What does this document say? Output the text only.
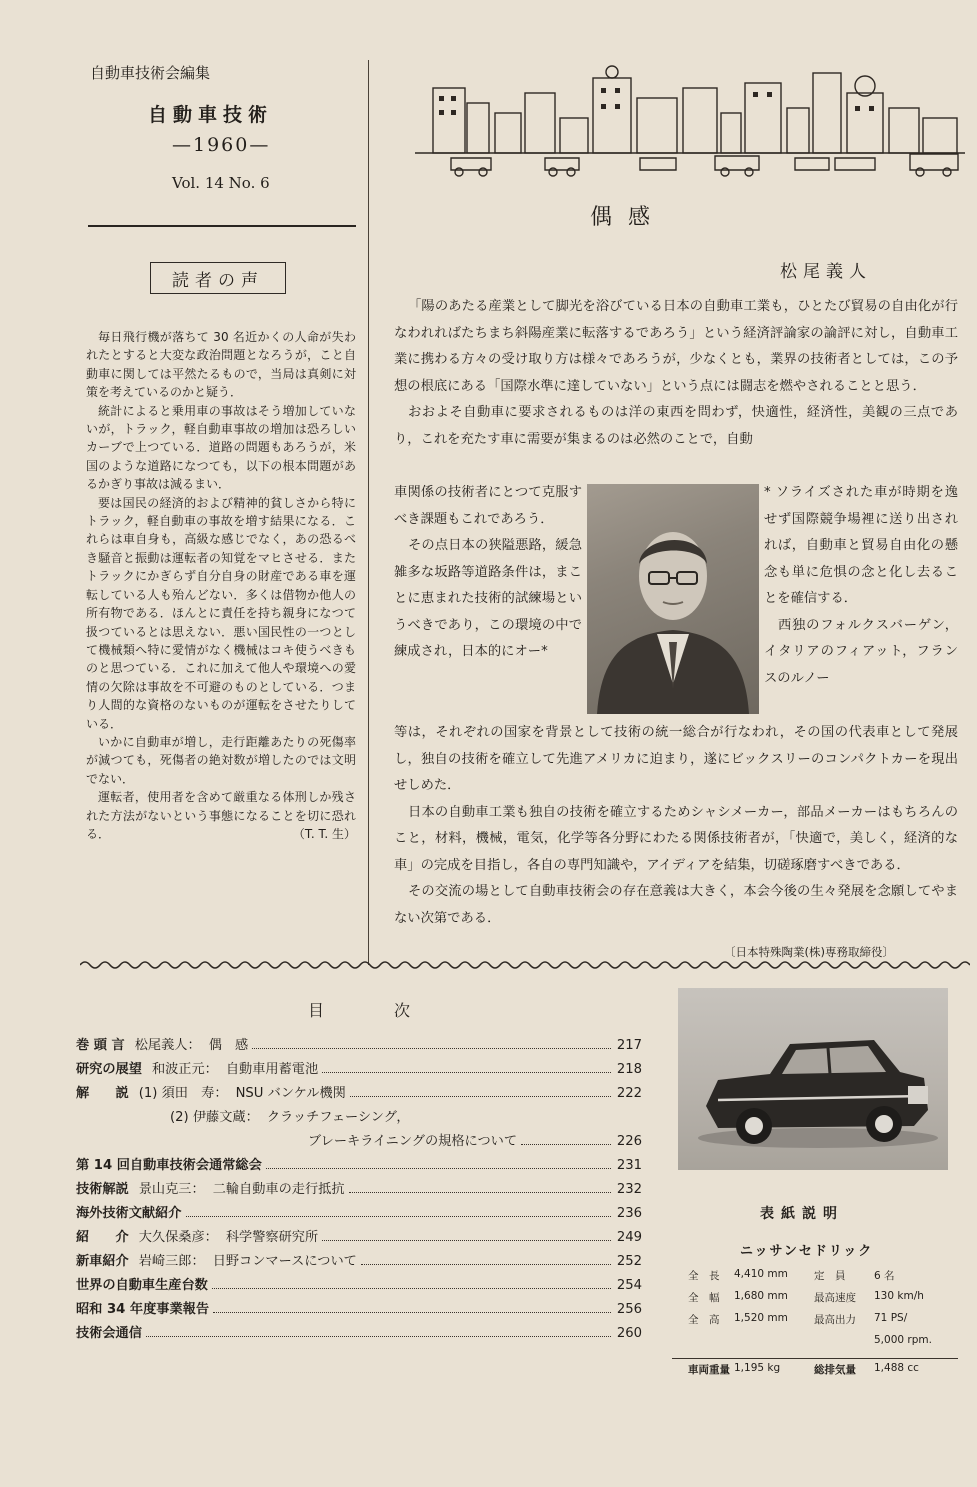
自動車技術会編集
自動車技術
—1960—
Vol. 14 No. 6
読者の声

毎日飛行機が落ちて 30 名近かくの人命が失われたとすると大変な政治問題となろうが，こと自動車に関しては平然たるもので，当局は真剣に対策を考えているのかと疑う．

統計によると乗用車の事故はそう増加していないが，トラック，軽自動車事故の増加は恐ろしいカーブで上つている．道路の問題もあろうが，米国のような道路になつても，以下の根本問題があるかぎり事故は減るまい．

要は国民の経済的および精神的貧しさから特にトラック，軽自動車の事故を増す結果になる．これらは車自身も，高級な感じでなく，あの恐るべき騒音と振動は運転者の知覚をマヒさせる．またトラックにかぎらず自分自身の財産である車を運転している人も殆んどない．多くは借物か他人の所有物である．ほんとに責任を持ち親身になつて扱つているとは思えない．悪い国民性の一つとして機械類へ特に愛情がなく機械はコキ使うべきものと思つている．これに加えて他人や環境への愛情の欠除は事故を不可避のものとしている．つまり人間的な資格のないものが運転をさせたりしている．

いかに自動車が増し，走行距離あたりの死傷率が減つても，死傷者の絶対数が増したのでは文明でない．

運転者，使用者を含めて厳重なる体刑しか残された方法がないという事態になることを切に恐れる．	（T. T. 生）
偶感
松尾義人

「陽のあたる産業として脚光を浴びている日本の自動車工業も，ひとたび貿易の自由化が行なわれればたちまち斜陽産業に転落するであろう」という経済評論家の論評に対し，自動車工業に携わる方々の受け取り方は様々であろうが，少なくとも，業界の技術者としては，この予想の根底にある「国際水準に達していない」という点には闘志を燃やされることと思う．

おおよそ自動車に要求されるものは洋の東西を問わず，快適性，経済性，美観の三点であり，これを充たす車に需要が集まるのは必然のことで，自動

車関係の技術者にとつて克服すべき課題もこれであろう．

その点日本の狭隘悪路，緩急雑多な坂路等道路条件は，まことに恵まれた技術的試練場というべきであり，この環境の中で練成され，日本的にオー*

* ソライズされた車が時期を逸せず国際競争場裡に送り出されれば，自動車と貿易自由化の懸念も単に危惧の念と化し去ることを確信する．

西独のフォルクスバーゲン，イタリアのフィアット，フランスのルノー

等は，それぞれの国家を背景として技術の統一総合が行なわれ，その国の代表車として発展し，独自の技術を確立して先進アメリカに迫まり，遂にビックスリーのコンパクトカーを現出せしめた．

日本の自動車工業も独自の技術を確立するためシャシメーカー，部品メーカーはもちろんのこと，材料，機械，電気，化学等各分野にわたる関係技術者が，「快適で，美しく，経済的な車」の完成を目指し，各自の専門知識や，アイディアを結集，切磋琢磨すべきである．

その交流の場として自動車技術会の存在意義は大きく，本会今後の生々発展を念願してやまない次第である．

〔日本特殊陶業(株)専務取締役〕
目次
巻 頭 言 松尾義人： 偶　感	217
研究の展望 和波正元： 自動車用蓄電池	218
解　　説 (1) 須田　寿： NSU バンケル機関	222
(2) 伊藤文蔵： クラッチフェーシング，
ブレーキライニングの規格について	226
第 14 回自動車技術会通常総会	231
技術解説 景山克三： 二輪自動車の走行抵抗	232
海外技術文献紹介	236
紹　　介 大久保桑彦： 科学警察研究所	249
新車紹介 岩崎三郎： 日野コンマースについて	252
世界の自動車生産台数	254
昭和 34 年度事業報告	256
技術会通信	260
表紙説明
ニッサンセドリック
全　長 4,410 mm 定　員	6 名
全　幅 1,680 mm 最高速度 130 km/h
全　高 1,520 mm 最高出力 71 PS/
5,000 rpm.
車両重量 1,195 kg	総排気量 1,488 cc
